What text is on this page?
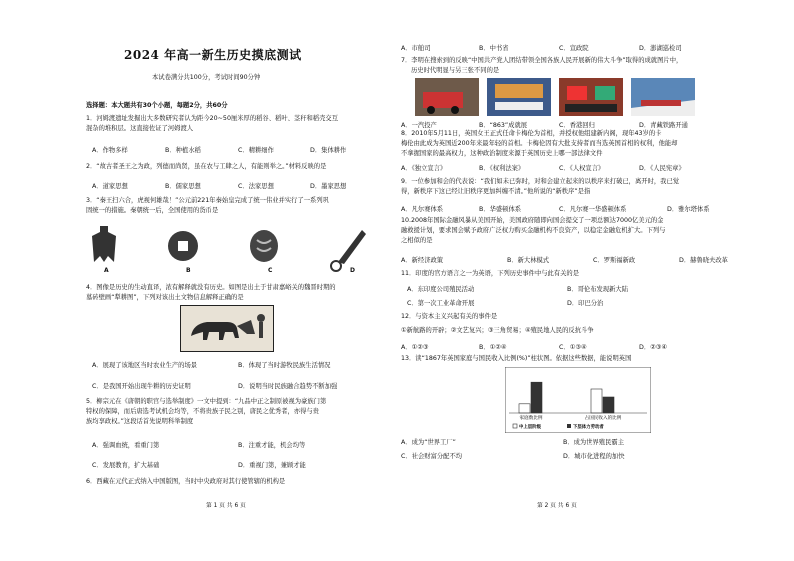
2024 年高一新生历史摸底测试
本试卷满分共100分，考试时间90分钟
选择题：本大题共有30个小题，每题2分，共60分
1．河姆渡遗址发掘出大多数研究者认为距今20~50厘米厚的稻谷、稻叶、茎秆和稻壳交互
混杂的堆积层。这直接佐证了河姆渡人
A．作物多样	B．种植水稻	C．精耕细作	D．集体耕作
2．“故古者圣王之为政，列德而尚贤，虽在农与工肆之人，有能则举之。”材料反映的是
A．道家思想	B．儒家思想	C．法家思想	D．墨家思想
3．“秦王扫六合，虎视何雄哉！”公元前221年秦始皇完成了统一伟业并实行了一系列巩
固统一的措施。秦朝统一后，全国使用的货币是
A	B	C	D
4．图像是历史的生动直译，浓有解释就没有历史。如图是出土于甘肃嘉峪关的魏晋时期的
墓砖壁画“犁耕图”，下列对该出土文物信息解释正确的是
A．展现了该地区当时农业生产的场景	B．体现了当时游牧民族生活情况
C．是我国开始出现牛耕的历史证明	D．说明当时民族融合趋势不断加强
5．柳宗元在《唐朝的职官与选举制度》一文中提到：“九品中正之制原被视为豪族门第
特权的保障，而后唐选考试机会均等，不将贵族子民之别，唐民之优秀者，亦得与贵
族均享政权。”这段话首先说明科举制度
A．强调血统，看重门第	B．注重才能，机会均等
C．发展教育，扩大基础	D．重视门第，兼顾才能
6．西藏在元代正式纳入中国版图，当时中央政府对其行使管辖的机构是
第 1 页 共 6 页
A．市舶司	B．中书省	C．宣政院	D．澎湖巡检司
7．李明在搜索到的反映“中国共产党人团结带领全国各族人民开展新的伟大斗争”取得的成就图片中，
历史时代明显与另三张不同的是
A．一汽投产	B．“863”成就展	C．香港回归	D．青藏铁路开通
8．2010年5月11日，英国女王正式任命卡梅伦为首相，并授权他组建新内阁，现年43岁的卡
梅伦由此成为英国近200年来最年轻的首相。卡梅伦因有大批支持者而当选英国首相的权利，他能却
不拿握国家的最高权力，这种政治制度来源于英国历史上哪一部法律文件
A．《独立宣言》	B．《权利法案》	C．《人权宣言》	D．《人民宪章》
9．一位参加和会的代表说：“我们如未已弥时，对和会建立起来的以秩序来打破已，离开时，我已觉
得，新秩序下这已经让旧秩序更加纠缠不清。”他所说的“新秩序”是指
A．凡尔赛体系	B．华盛顿体系	C．凡尔赛一华盛顿体系	D．雅尔塔体系
10.2008年国际金融风暴从美国开始，美国政府随即向国会提交了一项总额达7000亿美元的金
融救援计划，要求国会赋予政府广泛权力购买金融机构不良资产，以稳定金融危机扩大。下列与
之相似的是
A．新经济政策	B．新大林模式	C．罗斯福新政	D．赫鲁晓夫改革
11．印度的官方语言之一为英语，下列历史事件中与此有关的是
A．东印度公司殖民活动	B．哥伦布发现新大陆
C．第一次工业革命开展	D．印巴分治
12．与资本主义兴起有关的事件是
①新航路的开辟；②文艺复兴；③三角贸易；④殖民地人民的反抗斗争
A．①②③	B．①②④	C．①③④	D．②③④
13．读“1867年英国家庭与国民收入比例(%)”柱状图。依据这些数据，能说明英国
家庭数比例	占国民收入的比例
中上层阶级	下层体力劳动者
A．成为“世界工厂”	B．成为世界殖民霸主
C．社会财富分配不均	D．城市化进程的加快
第 2 页 共 6 页
